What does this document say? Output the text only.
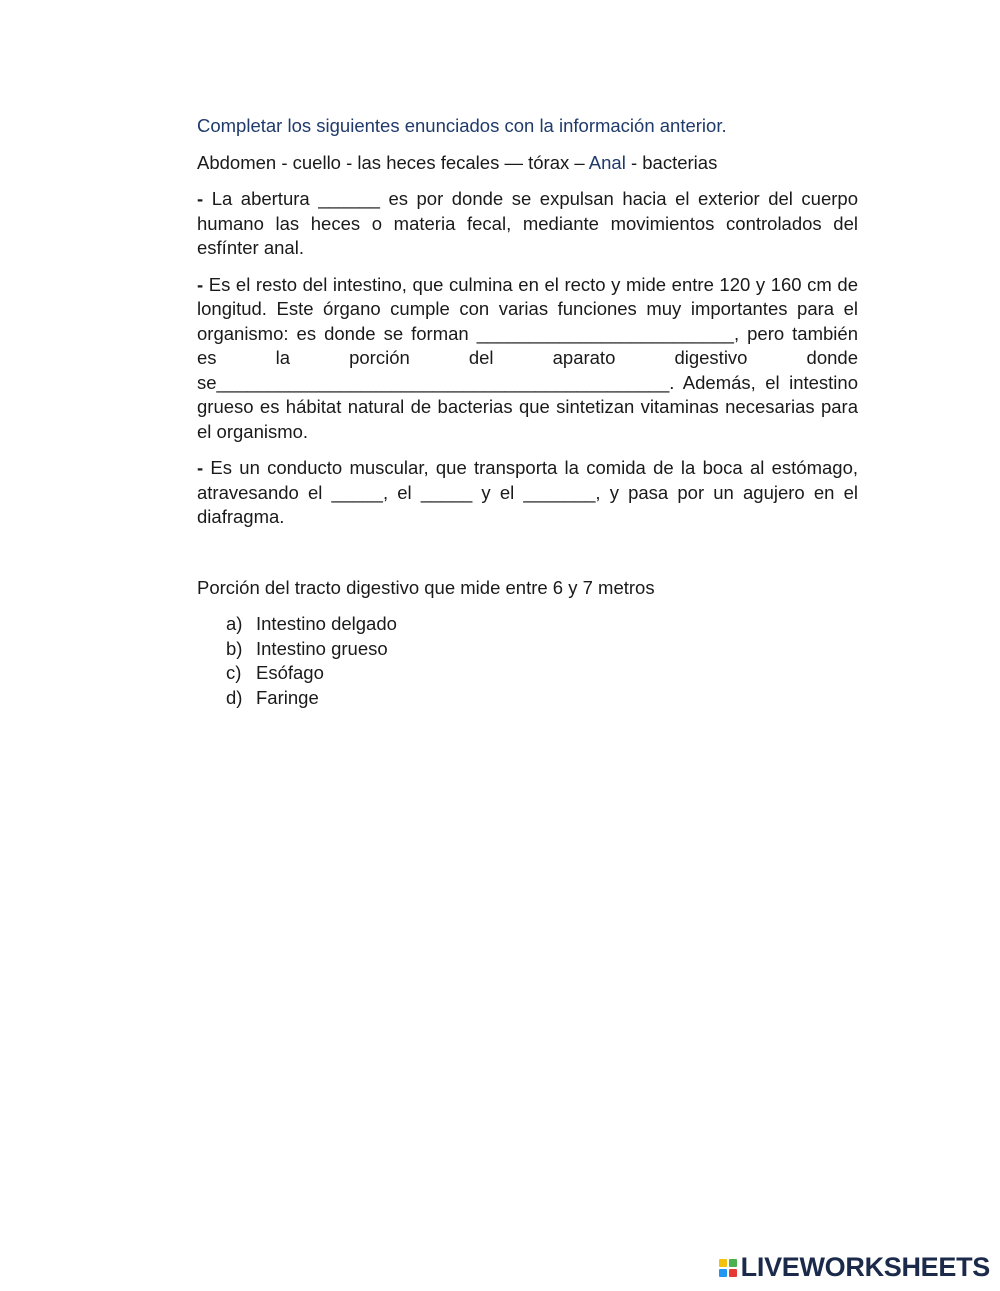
Completar los siguientes enunciados con la información anterior.

Abdomen - cuello - las heces fecales — tórax – Anal - bacterias

- La abertura ______ es por donde se expulsan hacia el exterior del cuerpo humano las heces o materia fecal, mediante movimientos controlados del esfínter anal.

- Es el resto del intestino, que culmina en el recto y mide entre 120 y 160 cm de longitud. Este órgano cumple con varias funciones muy importantes para el organismo: es donde se forman _________________________, pero también es la porción del aparato digestivo donde se____________________________________________. Además, el intestino grueso es hábitat natural de bacterias que sintetizan vitaminas necesarias para el organismo.

- Es un conducto muscular, que transporta la comida de la boca al estómago, atravesando el _____, el _____ y el _______, y pasa por un agujero en el diafragma.

Porción del tracto digestivo que mide entre 6 y 7 metros

a) Intestino delgado
b) Intestino grueso
c) Esófago
d) Faringe
LIVEWORKSHEETS
